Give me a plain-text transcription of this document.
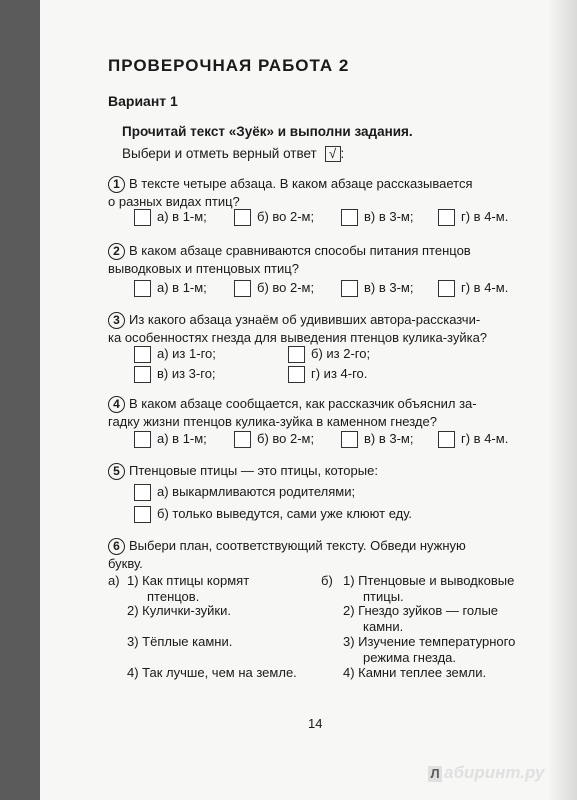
ПРОВЕРОЧНАЯ РАБОТА 2
Вариант 1
Прочитай текст «Зуёк» и выполни задания.
Выбери и отметь верный ответ √ :
1 В тексте четыре абзаца. В каком абзаце рассказывается
о разных видах птиц?
а) в 1-м;	б) во 2-м;	в) в 3-м;	г) в 4-м.
2 В каком абзаце сравниваются способы питания птенцов
выводковых и птенцовых птиц?
а) в 1-м;	б) во 2-м;	в) в 3-м;	г) в 4-м.
3 Из какого абзаца узнаём об удививших автора-рассказчи-
ка особенностях гнезда для выведения птенцов кулика-зуйка?
а) из 1-го;	б) из 2-го;
в) из 3-го;	г) из 4-го.
4 В каком абзаце сообщается, как рассказчик объяснил за-
гадку жизни птенцов кулика-зуйка в каменном гнезде?
а) в 1-м;	б) во 2-м;	в) в 3-м;	г) в 4-м.
5 Птенцовые птицы — это птицы, которые:
а) выкармливаются родителями;
б) только выведутся, сами уже клюют еду.
6 Выбери план, соответствующий тексту. Обведи нужную
букву.
а) 1) Как птицы кормят
птенцов.
2) Кулички-зуйки.
3) Тёплые камни.
4) Так лучше, чем на земле.
б) 1) Птенцовые и выводковые
птицы.
2) Гнездо зуйков — голые
камни.
3) Изучение температурного
режима гнезда.
4) Камни теплее земли.
14
Л абиринт.ру
